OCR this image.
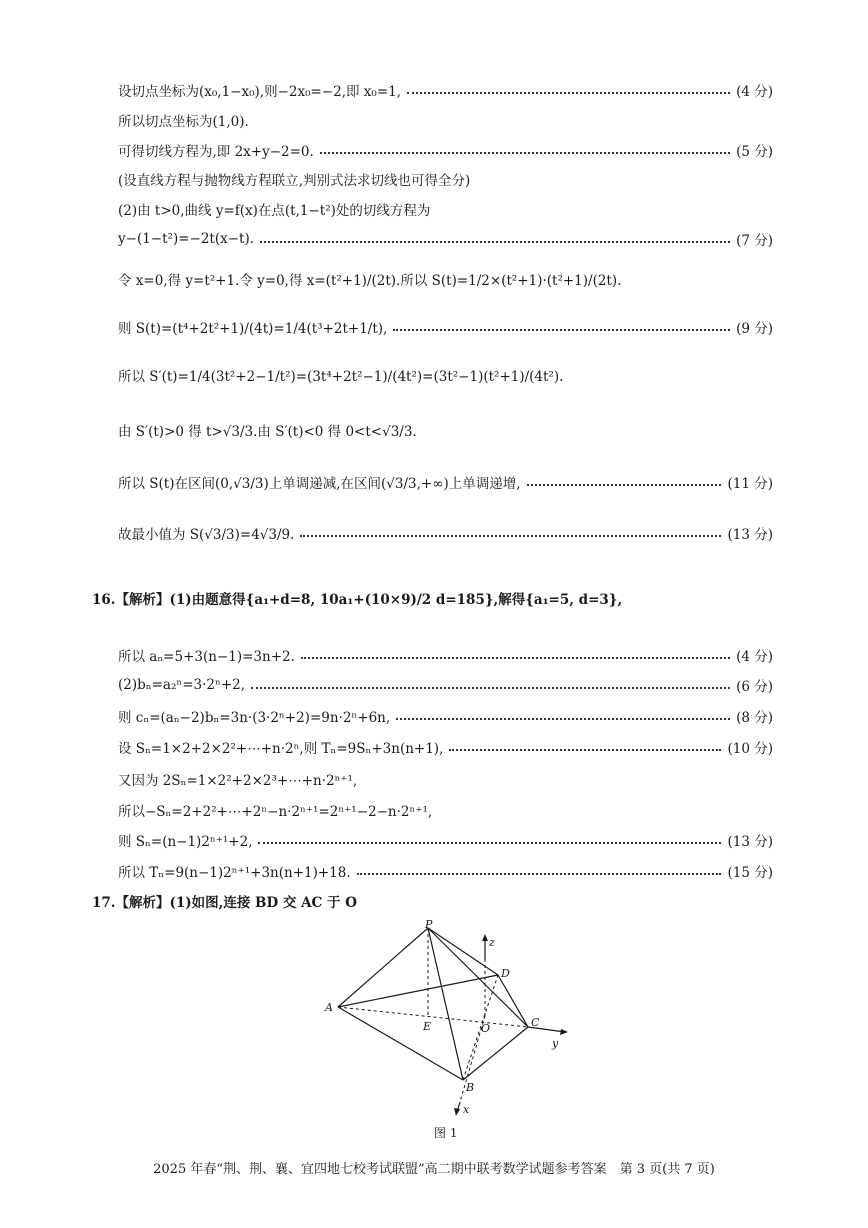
设切点坐标为(x₀,1−x₀),则−2x₀=−2,即 x₀=1,	(4 分)
所以切点坐标为(1,0).
可得切线方程为,即 2x+y−2=0.	(5 分)
(设直线方程与抛物线方程联立,判别式法求切线也可得全分)
(2)由 t>0,曲线 y=f(x)在点(t,1−t²)处的切线方程为
y−(1−t²)=−2t(x−t).	(7 分)
令 x=0,得 y=t²+1.令 y=0,得 x=(t²+1)/(2t).所以 S(t)=1/2×(t²+1)·(t²+1)/(2t).
则 S(t)=(t⁴+2t²+1)/(4t)=1/4(t³+2t+1/t),	(9 分)
所以 S′(t)=1/4(3t²+2−1/t²)=(3t⁴+2t²−1)/(4t²)=(3t²−1)(t²+1)/(4t²).
由 S′(t)>0 得 t>√3/3.由 S′(t)<0 得 0<t<√3/3.
所以 S(t)在区间(0,√3/3)上单调递减,在区间(√3/3,+∞)上单调递增,	(11 分)
故最小值为 S(√3/3)=4√3/9.	(13 分)
16.【解析】(1)由题意得{a₁+d=8, 10a₁+(10×9)/2 d=185},解得{a₁=5, d=3},
所以 aₙ=5+3(n−1)=3n+2.	(4 分)
(2)bₙ=a₂ⁿ=3·2ⁿ+2,	(6 分)
则 cₙ=(aₙ−2)bₙ=3n·(3·2ⁿ+2)=9n·2ⁿ+6n,	(8 分)
设 Sₙ=1×2+2×2²+⋯+n·2ⁿ,则 Tₙ=9Sₙ+3n(n+1),	(10 分)
又因为 2Sₙ=1×2²+2×2³+⋯+n·2ⁿ⁺¹,
所以−Sₙ=2+2²+⋯+2ⁿ−n·2ⁿ⁺¹=2ⁿ⁺¹−2−n·2ⁿ⁺¹,
则 Sₙ=(n−1)2ⁿ⁺¹+2,	(13 分)
所以 Tₙ=9(n−1)2ⁿ⁺¹+3n(n+1)+18.	(15 分)
17.【解析】(1)如图,连接 BD 交 AC 于 O
P
A
B
C
D
E	O
x
y
z
图 1
2025 年春“荆、荆、襄、宜四地七校考试联盟”高二期中联考数学试题参考答案　第 3 页(共 7 页)
